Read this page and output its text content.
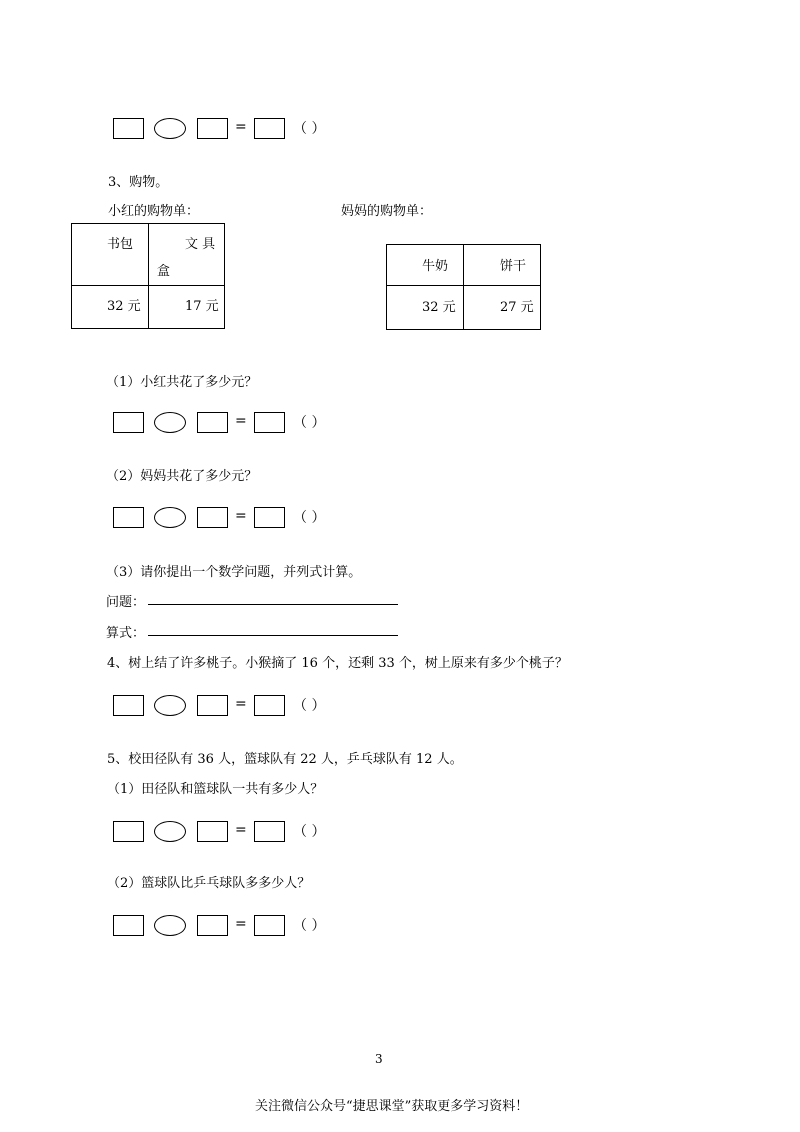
=	（ ）
3、购物。
小红的购物单：	妈妈的购物单：
书包	文 具
盒

32 元	17 元
牛奶	饼干

32 元	27 元
（1）小红共花了多少元？
=	（ ）
（2）妈妈共花了多少元？
=	（ ）
（3）请你提出一个数学问题，并列式计算。
问题：
算式：
4、树上结了许多桃子。小猴摘了 16 个，还剩 33 个，树上原来有多少个桃子？
=	（ ）
5、校田径队有 36 人，篮球队有 22 人，乒乓球队有 12 人。
（1）田径队和篮球队一共有多少人？
=	（ ）
（2）篮球队比乒乓球队多多少人？
=	（ ）
3
关注微信公众号“捷思课堂”获取更多学习资料！
